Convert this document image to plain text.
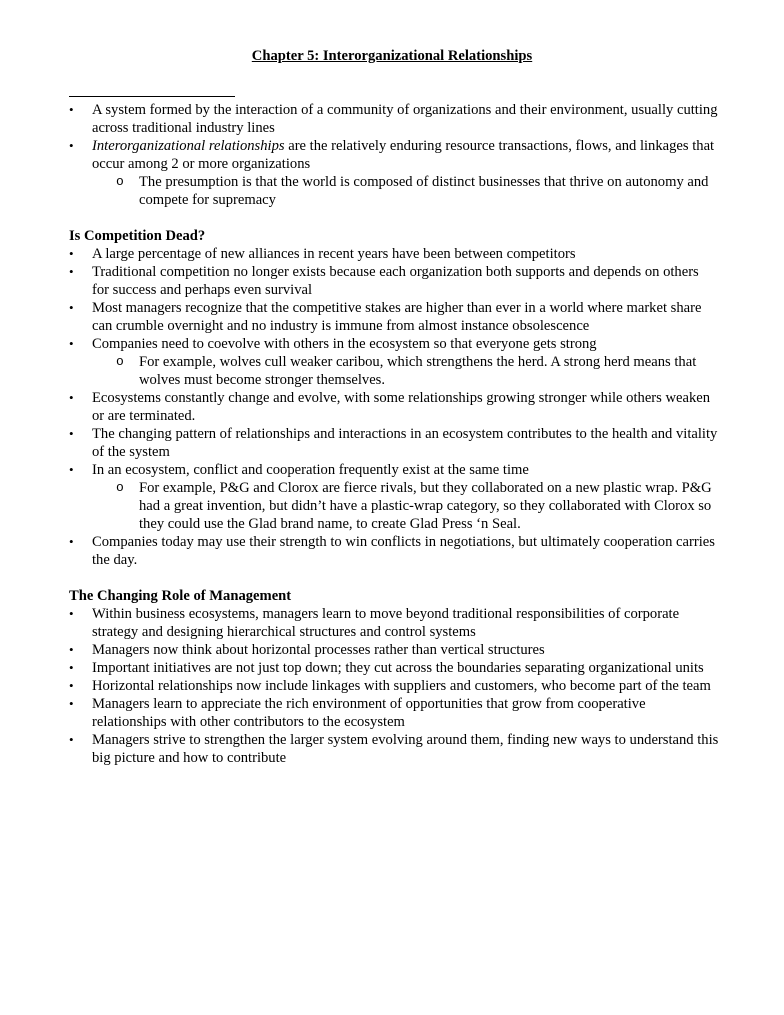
Chapter 5: Interorganizational Relationships
•	A system formed by the interaction of a community of organizations and their environment, usually cutting across traditional industry lines
•	Interorganizational relationships are the relatively enduring resource transactions, flows, and linkages that occur among 2 or more organizations
o The presumption is that the world is composed of distinct businesses that thrive on autonomy and compete for supremacy
Is Competition Dead?
•	A large percentage of new alliances in recent years have been between competitors
•	Traditional competition no longer exists because each organization both supports and depends on others for success and perhaps even survival
•	Most managers recognize that the competitive stakes are higher than ever in a world where market share can crumble overnight and no industry is immune from almost instance obsolescence
•	Companies need to coevolve with others in the ecosystem so that everyone gets strong
o For example, wolves cull weaker caribou, which strengthens the herd. A strong herd means that wolves must become stronger themselves.
•	Ecosystems constantly change and evolve, with some relationships growing stronger while others weaken or are terminated.
•	The changing pattern of relationships and interactions in an ecosystem contributes to the health and vitality of the system
•	In an ecosystem, conflict and cooperation frequently exist at the same time
o For example, P&G and Clorox are fierce rivals, but they collaborated on a new plastic wrap. P&G had a great invention, but didn’t have a plastic-wrap category, so they collaborated with Clorox so they could use the Glad brand name, to create Glad Press ‘n Seal.
•	Companies today may use their strength to win conflicts in negotiations, but ultimately cooperation carries the day.
The Changing Role of Management
•	Within business ecosystems, managers learn to move beyond traditional responsibilities of corporate strategy and designing hierarchical structures and control systems
•	Managers now think about horizontal processes rather than vertical structures
•	Important initiatives are not just top down; they cut across the boundaries separating organizational units
•	Horizontal relationships now include linkages with suppliers and customers, who become part of the team
•	Managers learn to appreciate the rich environment of opportunities that grow from cooperative relationships with other contributors to the ecosystem
•	Managers strive to strengthen the larger system evolving around them, finding new ways to understand this big picture and how to contribute
